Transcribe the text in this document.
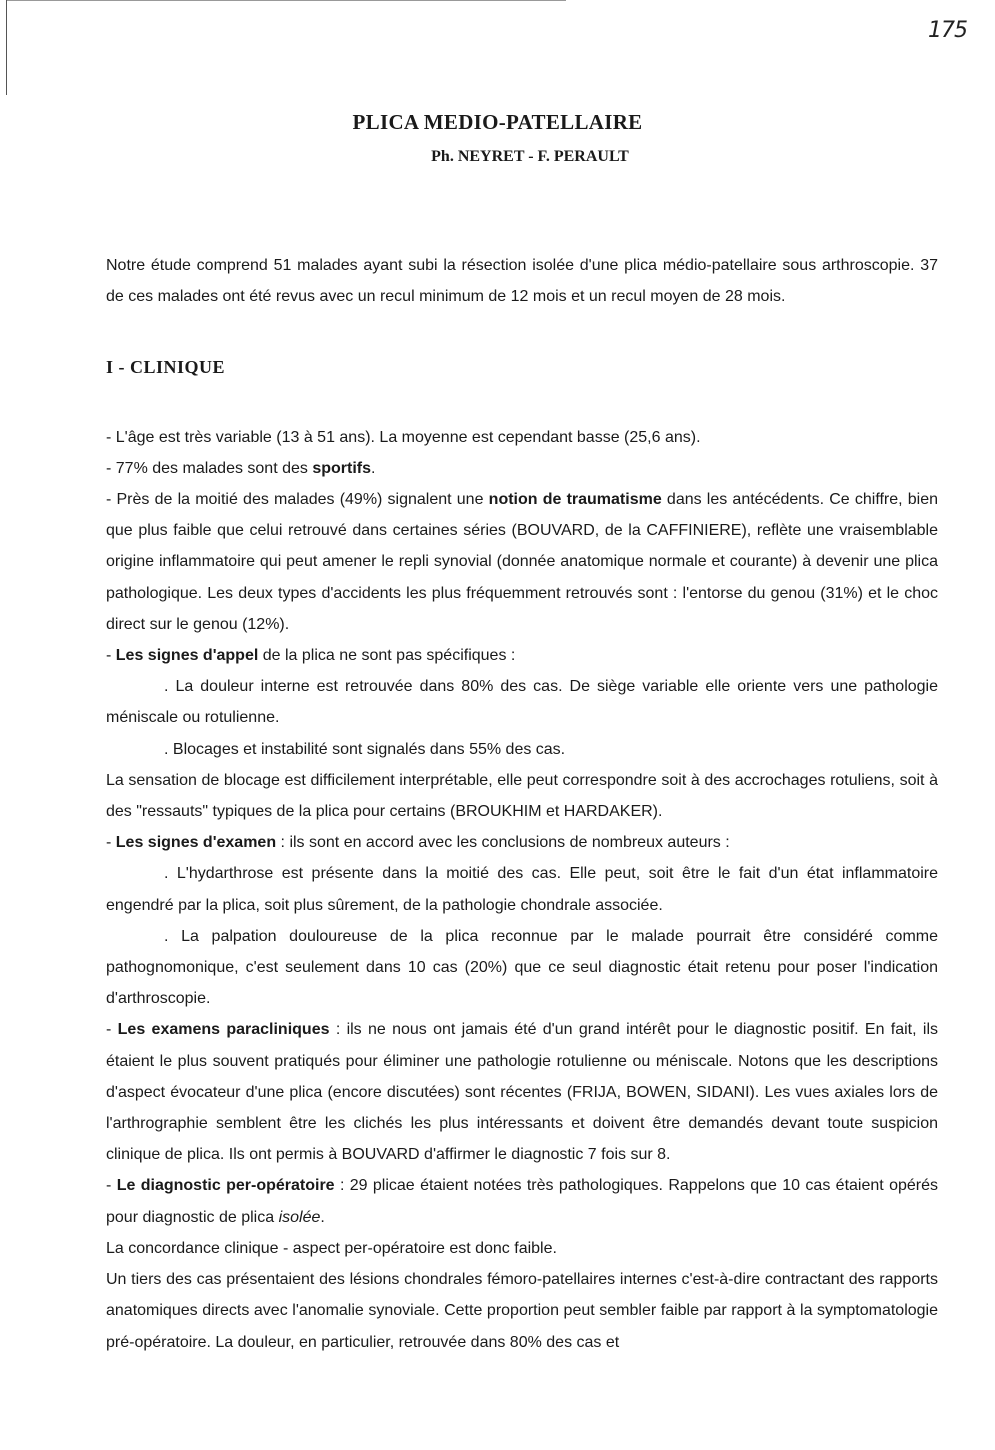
175
PLICA MEDIO-PATELLAIRE
Ph. NEYRET - F. PERAULT

Notre étude comprend 51 malades ayant subi la résection isolée d'une plica médio-patellaire sous arthroscopie. 37 de ces malades ont été revus avec un recul minimum de 12 mois et un recul moyen de 28 mois.

I - CLINIQUE

- L'âge est très variable (13 à 51 ans). La moyenne est cependant basse (25,6 ans).

- 77% des malades sont des sportifs.

- Près de la moitié des malades (49%) signalent une notion de traumatisme dans les antécédents. Ce chiffre, bien que plus faible que celui retrouvé dans certaines séries (BOUVARD, de la CAFFINIERE), reflète une vraisemblable origine inflammatoire qui peut amener le repli synovial (donnée anatomique normale et courante) à devenir une plica pathologique. Les deux types d'accidents les plus fréquemment retrouvés sont : l'entorse du genou (31%) et le choc direct sur le genou (12%).

- Les signes d'appel de la plica ne sont pas spécifiques :

. La douleur interne est retrouvée dans 80% des cas. De siège variable elle oriente vers une pathologie méniscale ou rotulienne.

. Blocages et instabilité sont signalés dans 55% des cas.

La sensation de blocage est difficilement interprétable, elle peut correspondre soit à des accrochages rotuliens, soit à des "ressauts" typiques de la plica pour certains (BROUKHIM et HARDAKER).

- Les signes d'examen : ils sont en accord avec les conclusions de nombreux auteurs :

. L'hydarthrose est présente dans la moitié des cas. Elle peut, soit être le fait d'un état inflammatoire engendré par la plica, soit plus sûrement, de la pathologie chondrale associée.

. La palpation douloureuse de la plica reconnue par le malade pourrait être considéré comme pathognomonique, c'est seulement dans 10 cas (20%) que ce seul diagnostic était retenu pour poser l'indication d'arthroscopie.

- Les examens paracliniques : ils ne nous ont jamais été d'un grand intérêt pour le diagnostic positif. En fait, ils étaient le plus souvent pratiqués pour éliminer une pathologie rotulienne ou méniscale. Notons que les descriptions d'aspect évocateur d'une plica (encore discutées) sont récentes (FRIJA, BOWEN, SIDANI). Les vues axiales lors de l'arthrographie semblent être les clichés les plus intéressants et doivent être demandés devant toute suspicion clinique de plica. Ils ont permis à BOUVARD d'affirmer le diagnostic 7 fois sur 8.

- Le diagnostic per-opératoire : 29 plicae étaient notées très pathologiques. Rappelons que 10 cas étaient opérés pour diagnostic de plica isolée.

La concordance clinique - aspect per-opératoire est donc faible.

Un tiers des cas présentaient des lésions chondrales fémoro-patellaires internes c'est-à-dire contractant des rapports anatomiques directs avec l'anomalie synoviale. Cette proportion peut sembler faible par rapport à la symptomatologie pré-opératoire. La douleur, en particulier, retrouvée dans 80% des cas et
